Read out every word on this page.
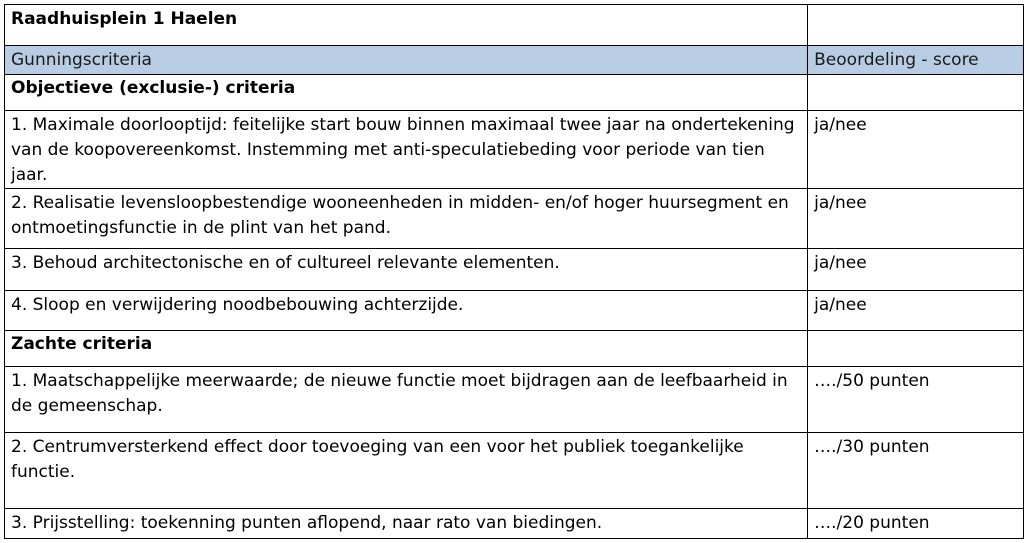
Raadhuisplein 1 Haelen	
Gunningscriteria	Beoordeling - score
Objectieve (exclusie-) criteria	
1. Maximale doorlooptijd: feitelijke start bouw binnen maximaal twee jaar na ondertekening van de koopovereenkomst. Instemming met anti-speculatiebeding voor periode van tien jaar.	ja/nee
2. Realisatie levensloopbestendige wooneenheden in midden- en/of hoger huursegment en ontmoetingsfunctie in de plint van het pand.	ja/nee
3. Behoud architectonische en of cultureel relevante elementen.	ja/nee
4. Sloop en verwijdering noodbebouwing achterzijde.	ja/nee
Zachte criteria	
1. Maatschappelijke meerwaarde; de nieuwe functie moet bijdragen aan de leefbaarheid in de gemeenschap.	…./50 punten
2. Centrumversterkend effect door toevoeging van een voor het publiek toegankelijke functie.	…./30 punten
3. Prijsstelling: toekenning punten aflopend, naar rato van biedingen.	…./20 punten
